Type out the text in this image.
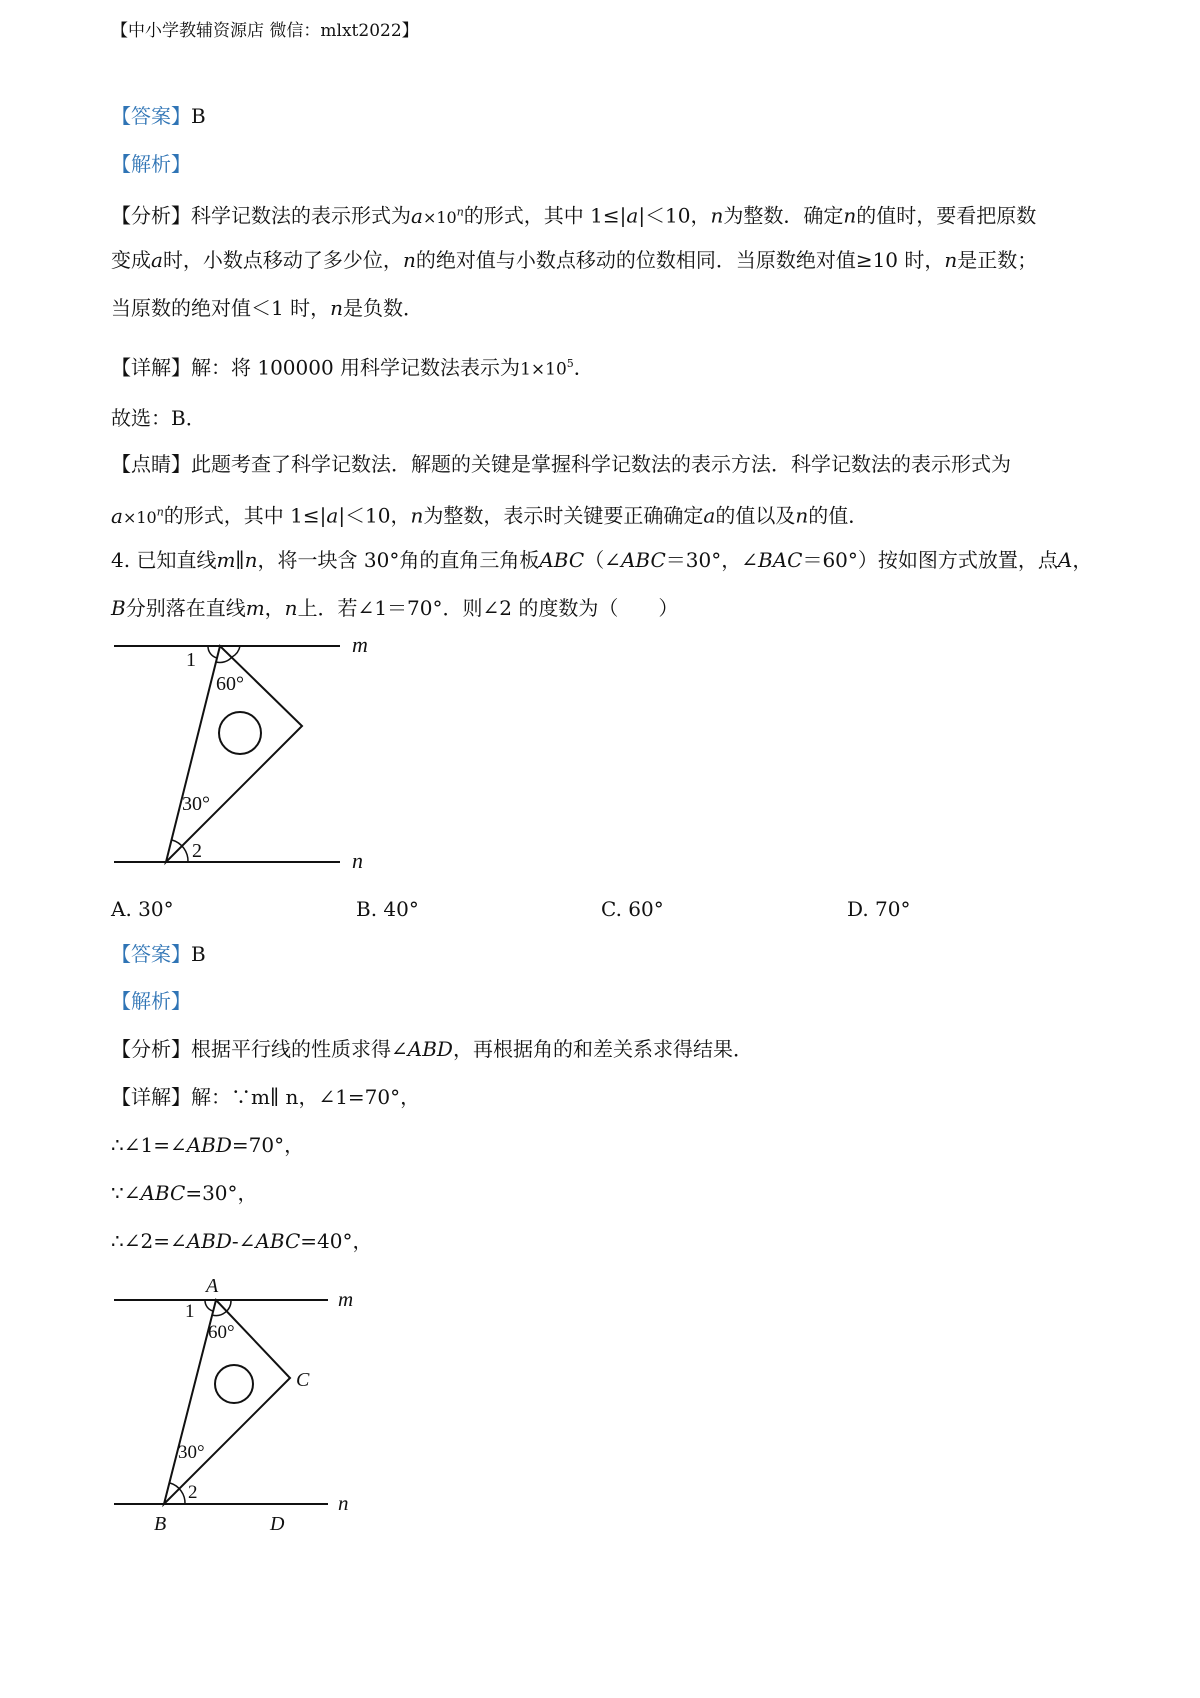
【中小学教辅资源店 微信：mlxt2022】
【答案】B
【解析】
【分析】科学记数法的表示形式为$a\times 10^n$的形式，其中 1≤|a|＜10，n为整数．确定n的值时，要看把原数
变成a时，小数点移动了多少位，n的绝对值与小数点移动的位数相同．当原数绝对值≥10 时，n是正数；
当原数的绝对值＜1 时，n是负数．
【详解】解：将 100000 用科学记数法表示为$1\times 10^5$．
故选：B．
【点睛】此题考查了科学记数法．解题的关键是掌握科学记数法的表示方法．科学记数法的表示形式为
$a\times 10^n$的形式，其中 1≤|a|＜10，n为整数，表示时关键要正确确定a的值以及n的值．
4. 已知直线m∥n，将一块含 30°角的直角三角板ABC（∠ABC＝30°，∠BAC＝60°）按如图方式放置，点A，
B分别落在直线m，n上．若∠1＝70°．则∠2 的度数为（　　）
1
60°
30°
2
m
n
A. 30°	B. 40°	C. 60°	D. 70°
【答案】B
【解析】
【分析】根据平行线的性质求得∠ABD，再根据角的和差关系求得结果．
【详解】解：∵m∥ n，∠1=70°，
∴∠1=∠ABD=70°，
∵∠ABC=30°，
∴∠2=∠ABD-∠ABC=40°，
A
B
C
D
1
60°
30°
2
m
n
